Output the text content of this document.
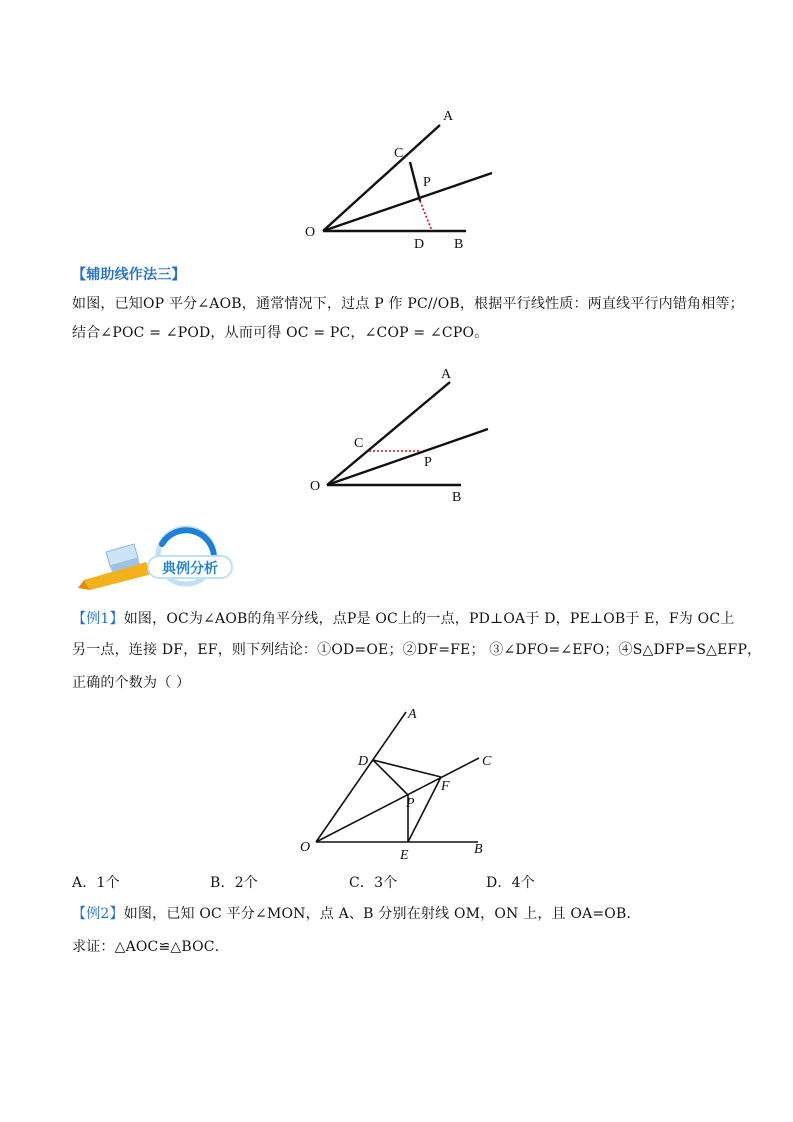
A
C
P
O
D B
【辅助线作法三】
如图，已知OP 平分∠AOB，通常情况下，过点 P 作 PC//OB，根据平行线性质：两直线平行内错角相等；
结合∠POC = ∠POD，从而可得 OC = PC，∠COP = ∠CPO。
A
C
P
O
B
典例分析
【例1】如图，OC为∠AOB的角平分线，点P是 OC上的一点，PD⊥OA于 D，PE⊥OB于 E，F为 OC上
另一点，连接 DF，EF，则下列结论：①OD=OE；②DF=FE； ③∠DFO=∠EFO；④S△DFP=S△EFP，
正确的个数为（ ）
A
C
D
F
P
O
E	B
A．1个	B．2个	C．3个	D．4个
【例2】如图，已知 OC 平分∠MON，点 A、B 分别在射线 OM，ON 上，且 OA=OB．
求证：△AOC≌△BOC．
